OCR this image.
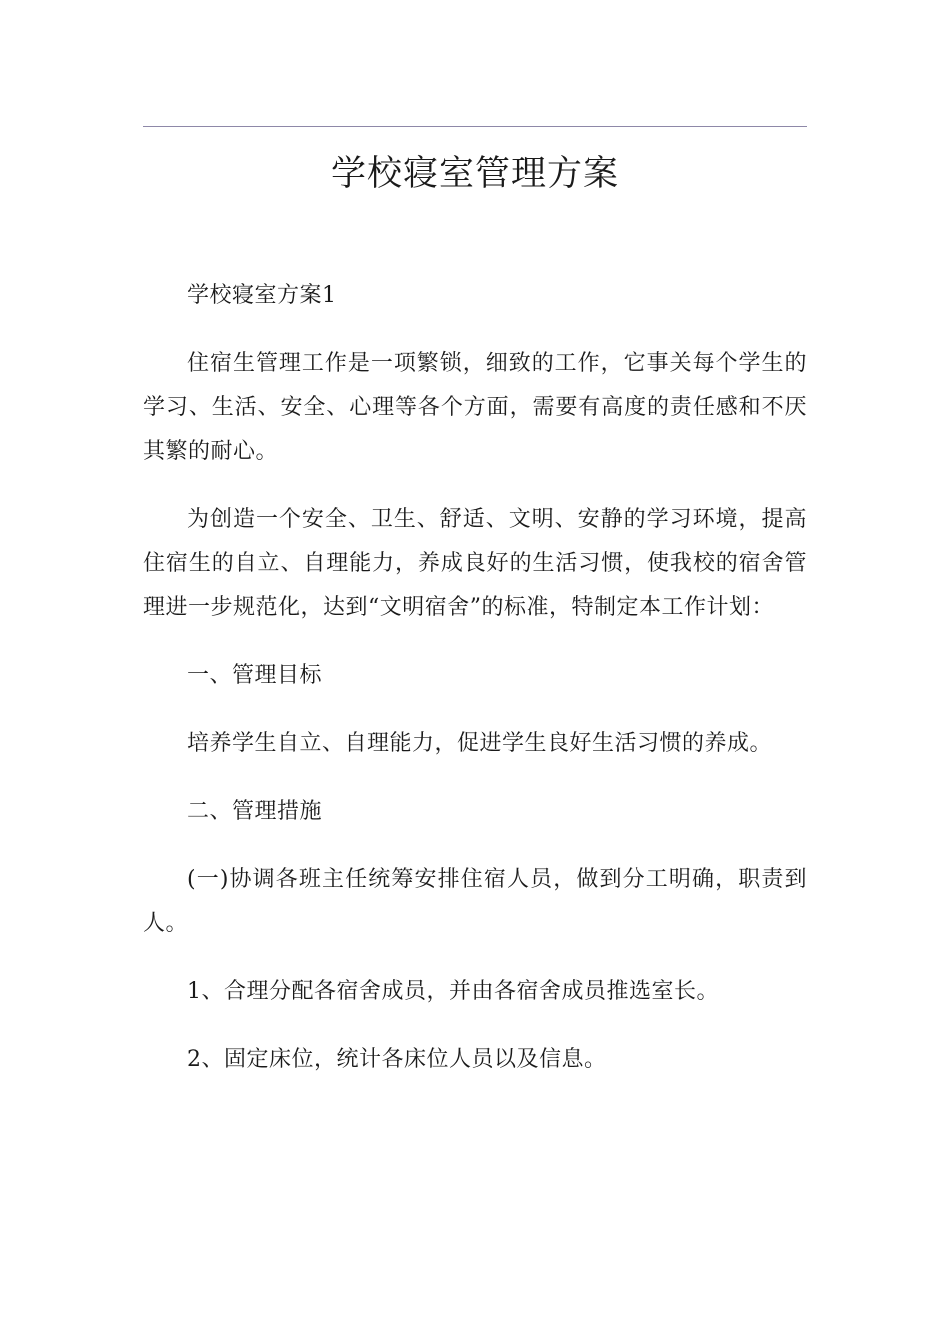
学校寝室管理方案

学校寝室方案1

住宿生管理工作是一项繁锁，细致的工作，它事关每个学生的学习、生活、安全、心理等各个方面，需要有高度的责任感和不厌其繁的耐心。

为创造一个安全、卫生、舒适、文明、安静的学习环境，提高住宿生的自立、自理能力，养成良好的生活习惯，使我校的宿舍管理进一步规范化，达到“文明宿舍”的标准，特制定本工作计划：

一、管理目标

培养学生自立、自理能力，促进学生良好生活习惯的养成。

二、管理措施

(一)协调各班主任统筹安排住宿人员，做到分工明确，职责到人。

1、合理分配各宿舍成员，并由各宿舍成员推选室长。

2、固定床位，统计各床位人员以及信息。
